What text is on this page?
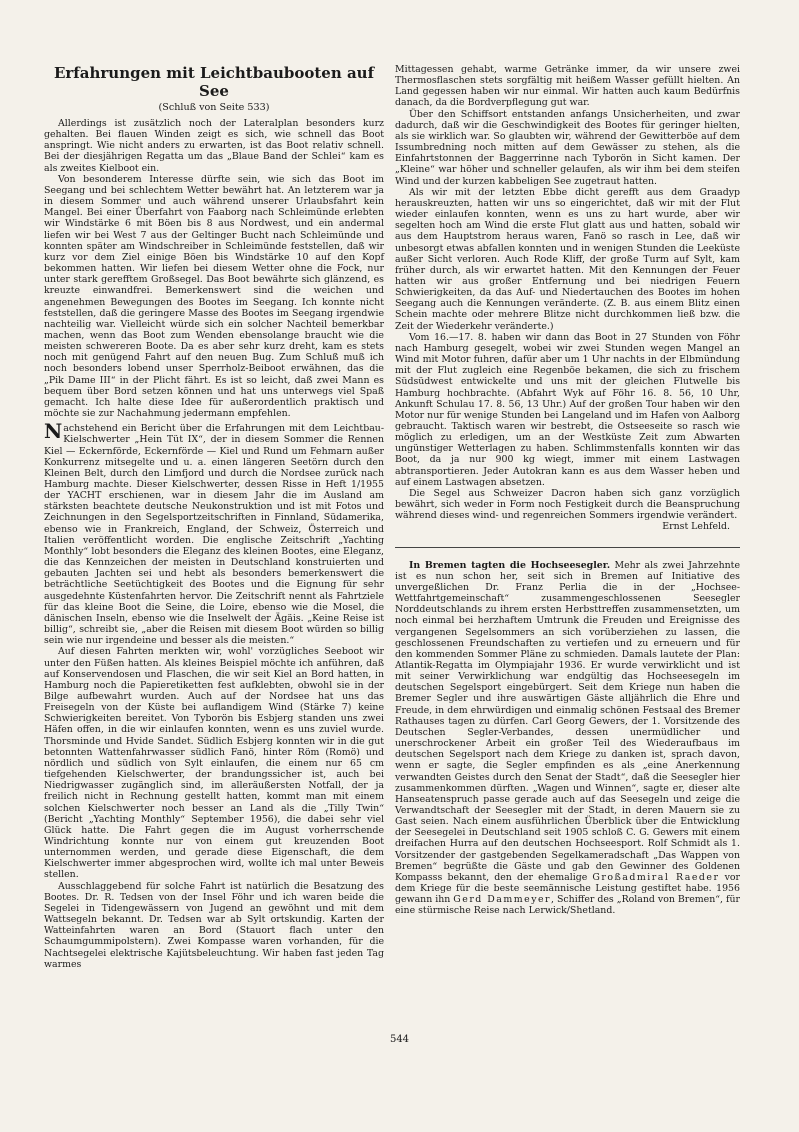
Erfahrungen mit Leichtbaubooten auf See
(Schluß von Seite 533)

Allerdings ist zusätzlich noch der Lateralplan besonders kurz gehalten. Bei flauen Winden zeigt es sich, wie schnell das Boot anspringt. Wie nicht anders zu erwarten, ist das Boot relativ schnell. Bei der diesjährigen Regatta um das „Blaue Band der Schlei“ kam es als zweites Kielboot ein.

Von besonderem Interesse dürfte sein, wie sich das Boot im Seegang und bei schlechtem Wetter bewährt hat. An letzterem war ja in diesem Sommer und auch während unserer Urlaubsfahrt kein Mangel. Bei einer Überfahrt von Faaborg nach Schleimünde erlebten wir Windstärke 6 mit Böen bis 8 aus Nordwest, und ein andermal liefen wir bei West 7 aus der Geltinger Bucht nach Schleimünde und konnten später am Windschreiber in Schleimünde feststellen, daß wir kurz vor dem Ziel einige Böen bis Windstärke 10 auf den Kopf bekommen hatten. Wir liefen bei diesem Wetter ohne die Fock, nur unter stark gerefftem Großsegel. Das Boot bewährte sich glänzend, es kreuzte einwandfrei. Bemerkenswert sind die weichen und angenehmen Bewegungen des Bootes im Seegang. Ich konnte nicht feststellen, daß die geringere Masse des Bootes im Seegang irgendwie nachteilig war. Vielleicht würde sich ein solcher Nachteil bemerkbar machen, wenn das Boot zum Wenden ebensolange braucht wie die meisten schwereren Boote. Da es aber sehr kurz dreht, kam es stets noch mit genügend Fahrt auf den neuen Bug. Zum Schluß muß ich noch besonders lobend unser Sperrholz-Beiboot erwähnen, das die „Pik Dame III“ in der Plicht fährt. Es ist so leicht, daß zwei Mann es bequem über Bord setzen können und hat uns unterwegs viel Spaß gemacht. Ich halte diese Idee für außerordentlich praktisch und möchte sie zur Nachahmung jedermann empfehlen.

Nachstehend ein Bericht über die Erfahrungen mit dem Leichtbau-Kielschwerter „Hein Tüt IX“, der in diesem Sommer die Rennen Kiel — Eckernförde, Eckernförde — Kiel und Rund um Fehmarn außer Konkurrenz mitsegelte und u. a. einen längeren Seetörn durch den Kleinen Belt, durch den Limfjord und durch die Nordsee zurück nach Hamburg machte. Dieser Kielschwerter, dessen Risse in Heft 1/1955 der YACHT erschienen, war in diesem Jahr die im Ausland am stärksten beachtete deutsche Neukonstruktion und ist mit Fotos und Zeichnungen in den Segelsportzeitschriften in Finnland, Südamerika, ebenso wie in Frankreich, England, der Schweiz, Österreich und Italien veröffentlicht worden. Die englische Zeitschrift „Yachting Monthly“ lobt besonders die Eleganz des kleinen Bootes, eine Eleganz, die das Kennzeichen der meisten in Deutschland konstruierten und gebauten Jachten sei und hebt als besonders bemerkenswert die beträchtliche Seetüchtigkeit des Bootes und die Eignung für sehr ausgedehnte Küstenfahrten hervor. Die Zeitschrift nennt als Fahrtziele für das kleine Boot die Seine, die Loire, ebenso wie die Mosel, die dänischen Inseln, ebenso wie die Inselwelt der Ägäis. „Keine Reise ist billig“, schreibt sie, „aber die Reisen mit diesem Boot würden so billig sein wie nur irgendeine und besser als die meisten.“

Auf diesen Fahrten merkten wir, wohl' vorzügliches Seeboot wir unter den Füßen hatten. Als kleines Beispiel möchte ich anführen, daß auf Konservendosen und Flaschen, die wir seit Kiel an Bord hatten, in Hamburg noch die Papieretiketten fest aufklebten, obwohl sie in der Bilge aufbewahrt wurden. Auch auf der Nordsee hat uns das Freisegeln von der Küste bei auflandigem Wind (Stärke 7) keine Schwierigkeiten bereitet. Von Tyborön bis Esbjerg standen uns zwei Häfen offen, in die wir einlaufen konnten, wenn es uns zuviel wurde. Thorsminde und Hvide Sandet. Südlich Esbjerg konnten wir in die gut betonnten Wattenfahrwasser südlich Fanö, hinter Röm (Romö) und nördlich und südlich von Sylt einlaufen, die einem nur 65 cm tiefgehenden Kielschwerter, der brandungssicher ist, auch bei Niedrigwasser zugänglich sind, im alleräußersten Notfall, der ja freilich nicht in Rechnung gestellt hatten, kommt man mit einem solchen Kielschwerter noch besser an Land als die „Tilly Twin“ (Bericht „Yachting Monthly“ September 1956), die dabei sehr viel Glück hatte. Die Fahrt gegen die im August vorherrschende Windrichtung konnte nur von einem gut kreuzenden Boot unternommen werden, und gerade diese Eigenschaft, die dem Kielschwerter immer abgesprochen wird, wollte ich mal unter Beweis stellen.

Ausschlaggebend für solche Fahrt ist natürlich die Besatzung des Bootes. Dr. R. Tedsen von der Insel Föhr und ich waren beide die Segelei in Tidengewässern von Jugend an gewöhnt und mit dem Wattsegeln bekannt. Dr. Tedsen war ab Sylt ortskundig. Karten der Watteinfahrten waren an Bord (Stauort flach unter den Schaumgummipolstern). Zwei Kompasse waren vorhanden, für die Nachtsegelei elektrische Kajütsbeleuchtung. Wir haben fast jeden Tag warmes

Mittagessen gehabt, warme Getränke immer, da wir unsere zwei Thermosflaschen stets sorgfältig mit heißem Wasser gefüllt hielten. An Land gegessen haben wir nur einmal. Wir hatten auch kaum Bedürfnis danach, da die Bordverpflegung gut war.

Über den Schiffsort entstanden anfangs Unsicherheiten, und zwar dadurch, daß wir die Geschwindigkeit des Bootes für geringer hielten, als sie wirklich war. So glaubten wir, während der Gewitterböe auf dem Issumbredning noch mitten auf dem Gewässer zu stehen, als die Einfahrtstonnen der Baggerrinne nach Tyborön in Sicht kamen. Der „Kleine“ war höher und schneller gelaufen, als wir ihm bei dem steifen Wind und der kurzen kabbeligen See zugetraut hatten.

Als wir mit der letzten Ebbe dicht gerefft aus dem Graadyp herauskreuzten, hatten wir uns so eingerichtet, daß wir mit der Flut wieder einlaufen konnten, wenn es uns zu hart wurde, aber wir segelten hoch am Wind die erste Flut glatt aus und hatten, sobald wir aus dem Hauptstrom heraus waren, Fanö so rasch in Lee, daß wir unbesorgt etwas abfallen konnten und in wenigen Stunden die Leeküste außer Sicht verloren. Auch Rode Kliff, der große Turm auf Sylt, kam früher durch, als wir erwartet hatten. Mit den Kennungen der Feuer hatten wir aus großer Entfernung und bei niedrigen Feuern Schwierigkeiten, da das Auf- und Niedertauchen des Bootes im hohen Seegang auch die Kennungen veränderte. (Z. B. aus einem Blitz einen Schein machte oder mehrere Blitze nicht durchkommen ließ bzw. die Zeit der Wiederkehr veränderte.)

Vom 16.—17. 8. haben wir dann das Boot in 27 Stunden von Föhr nach Hamburg gesegelt, wobei wir zwei Stunden wegen Mangel an Wind mit Motor fuhren, dafür aber um 1 Uhr nachts in der Elbmündung mit der Flut zugleich eine Regenböe bekamen, die sich zu frischem Südsüdwest entwickelte und uns mit der gleichen Flutwelle bis Hamburg hochbrachte. (Abfahrt Wyk auf Föhr 16. 8. 56, 10 Uhr, Ankunft Schulau 17. 8. 56, 13 Uhr.) Auf der großen Tour haben wir den Motor nur für wenige Stunden bei Langeland und im Hafen von Aalborg gebraucht. Taktisch waren wir bestrebt, die Ostseeseite so rasch wie möglich zu erledigen, um an der Westküste Zeit zum Abwarten ungünstiger Wetterlagen zu haben. Schlimmstenfalls konnten wir das Boot, da ja nur 900 kg wiegt, immer mit einem Lastwagen abtransportieren. Jeder Autokran kann es aus dem Wasser heben und auf einem Lastwagen absetzen.

Die Segel aus Schweizer Dacron haben sich ganz vorzüglich bewährt, sich weder in Form noch Festigkeit durch die Beanspruchung während dieses wind- und regenreichen Sommers irgendwie verändert.

Ernst Lehfeld.

In Bremen tagten die Hochseesegler. Mehr als zwei Jahrzehnte ist es nun schon her, seit sich in Bremen auf Initiative des unvergeßlichen Dr. Franz Perlia die in der „Hochsee-Wettfahrtgemeinschaft“ zusammengeschlossenen Seesegler Norddeutschlands zu ihrem ersten Herbsttreffen zusammensetzten, um noch einmal bei herzhaftem Umtrunk die Freuden und Ereignisse des vergangenen Segelsommers an sich vorüberziehen zu lassen, die geschlossenen Freundschaften zu vertiefen und zu erneuern und für den kommenden Sommer Pläne zu schmieden. Damals lautete der Plan: Atlantik-Regatta im Olympiajahr 1936. Er wurde verwirklicht und ist mit seiner Verwirklichung war endgültig das Hochseesegeln im deutschen Segelsport eingebürgert. Seit dem Kriege nun haben die Bremer Segler und ihre auswärtigen Gäste alljährlich die Ehre und Freude, in dem ehrwürdigen und einmalig schönen Festsaal des Bremer Rathauses tagen zu dürfen. Carl Georg Gewers, der 1. Vorsitzende des Deutschen Segler-Verbandes, dessen unermüdlicher und unerschrockener Arbeit ein großer Teil des Wiederaufbaus im deutschen Segelsport nach dem Kriege zu danken ist, sprach davon, wenn er sagte, die Segler empfinden es als „eine Anerkennung verwandten Geistes durch den Senat der Stadt“, daß die Seesegler hier zusammenkommen dürften. „Wagen und Winnen“, sagte er, dieser alte Hanseatenspruch passe gerade auch auf das Seesegeln und zeige die Verwandtschaft der Seesegler mit der Stadt, in deren Mauern sie zu Gast seien. Nach einem ausführlichen Überblick über die Entwicklung der Seesegelei in Deutschland seit 1905 schloß C. G. Gewers mit einem dreifachen Hurra auf den deutschen Hochseesport. Rolf Schmidt als 1. Vorsitzender der gastgebenden Segelkameradschaft „Das Wappen von Bremen“ begrüßte die Gäste und gab den Gewinner des Goldenen Kompasss bekannt, den der ehemalige Großadmiral Raeder vor dem Kriege für die beste seemännische Leistung gestiftet habe. 1956 gewann ihn Gerd Dammeyer, Schiffer des „Roland von Bremen“, für eine stürmische Reise nach Lerwick/Shetland.

544
